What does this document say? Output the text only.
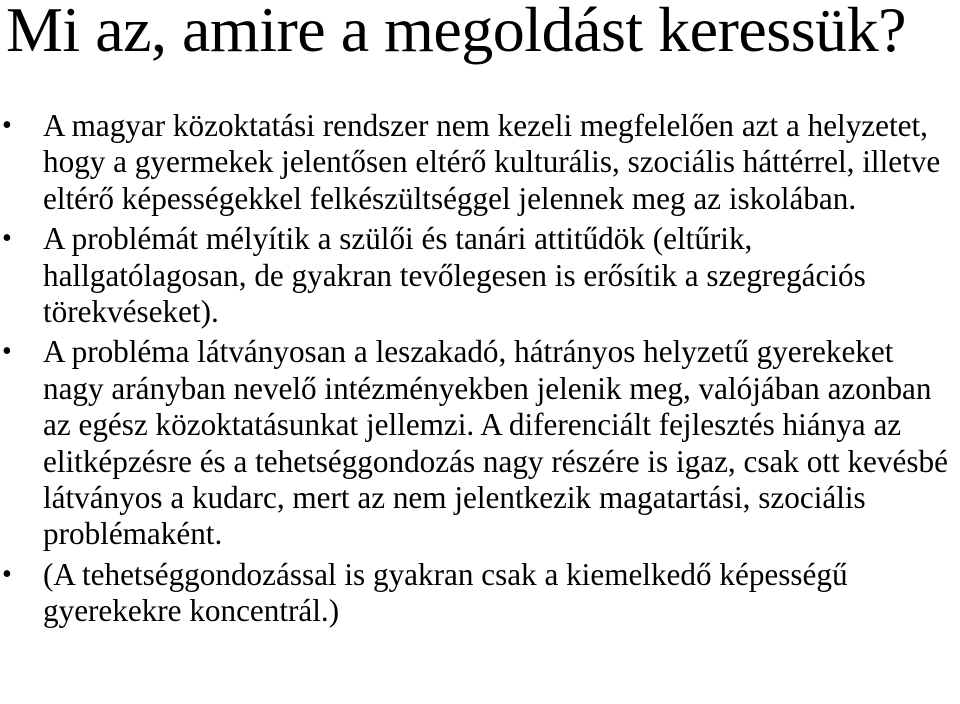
Mi az, amire a megoldást keressük?
• A magyar közoktatási rendszer nem kezeli megfelelően azt a helyzetet, hogy a gyermekek jelentősen eltérő kulturális, szociális háttérrel, illetve eltérő képességekkel felkészültséggel jelennek meg az iskolában.
• A problémát mélyítik a szülői és tanári attitűdök (eltűrik, hallgatólagosan, de gyakran tevőlegesen is erősítik a szegregációs törekvéseket).
• A probléma látványosan a leszakadó, hátrányos helyzetű gyerekeket nagy arányban nevelő intézményekben jelenik meg, valójában azonban az egész közoktatásunkat jellemzi. A diferenciált fejlesztés hiánya az elitképzésre és a tehetséggondozás nagy részére is igaz, csak ott kevésbé látványos a kudarc, mert az nem jelentkezik magatartási, szociális problémaként.
• (A tehetséggondozással is gyakran csak a kiemelkedő képességű gyerekekre koncentrál.)
